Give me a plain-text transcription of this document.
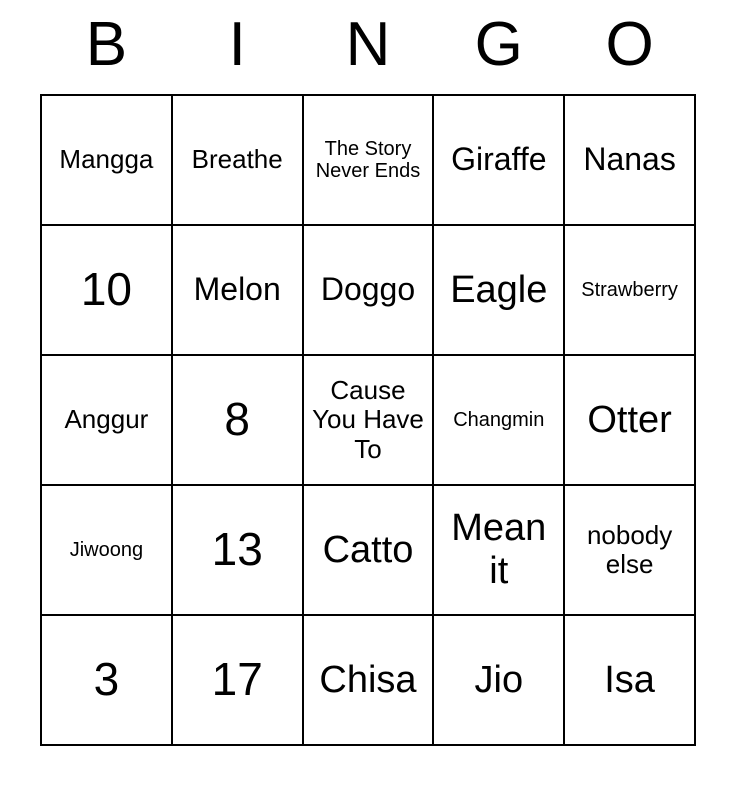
B I N G O
Mangga Breathe	The Story Never Ends Giraffe Nanas
10 Melon Doggo Eagle Strawberry
Anggur 8
Cause You Have To
Changmin Otter
Jiwoong 13 Catto
Mean it
nobody else
3 17 Chisa Jio Isa
